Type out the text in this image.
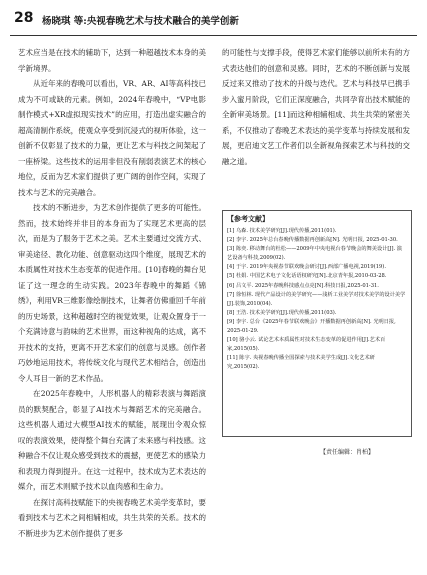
28 杨晓琪 等:央视春晚艺术与技术融合的美学创新

艺术应当是在技术的辅助下，达到一种超越技术本身的美学新境界。

从近年来的春晚可以看出，VR、AR、AI等高科技已成为不可或缺的元素。例如，2024年春晚中，“VP电影制作模式+XR虚拟现实技术”的应用，打造出虚实融合的超高清制作系统，使观众享受到沉浸式的视听体验，这一创新不仅彰显了技术的力量，更让艺术与科技之间架起了一座桥梁。这些技术的运用非但没有削弱表演艺术的核心地位，反而为艺术家们提供了更广阔的创作空间，实现了技术与艺术的完美融合。

技术的不断进步，为艺术创作提供了更多的可能性。然而，技术始终并非目的本身而为了实现艺术更高的层次，而是为了服务于艺术之美。艺术主要通过交流方式、审美途径、教化功能、创意驱动这四个维度，展现艺术的本质属性对技术生态变革的促进作用。[10]春晚的舞台见证了这一理念的生动实践。2023年春晚中的舞蹈《锦绣》，利用VR三维影像绘制技术，让舞者仿佛重回千年前的历史场景，这种超越时空的视觉效果，让观众置身于一个充满诗意与韵味的艺术世界，而这种视角的达成，离不开技术的支持，更离不开艺术家们的创意与灵感。创作者巧妙地运用技术，将传统文化与现代艺术相结合，创造出令人耳目一新的艺术作品。

在2025年春晚中，人形机器人的精彩表演与舞蹈演员的默契配合，彰显了AI技术与舞蹈艺术的完美融合。这些机器人通过大模型AI技术的赋能，展现出令观众惊叹的表演效果，使得整个舞台充满了未来感与科技感。这种融合不仅让观众感受到技术的震撼，更使艺术的感染力和表现力得到提升。在这一过程中，技术成为艺术表达的媒介，而艺术则赋予技术以血肉感和生命力。

在探讨高科技赋能下的央视春晚艺术美学变革时，要看到技术与艺术之间相辅相成，共生共荣的关系。技术的不断进步为艺术创作提供了更多

的可能性与支撑手段，使得艺术家们能够以前所未有的方式表达他们的创意和灵感。同时，艺术的不断创新与发展反过来又推动了技术的升级与迭代。艺术与科技早已携手步入蜜月阶段，它们正深度融合，共同孕育出技术赋能的全新审美场景。[11]而这种相辅相成、共生共荣的紧密关系，不仅推动了春晚艺术表达的美学变革与持续发展和发展，更启迪文艺工作者们以全新视角探索艺术与科技的交融之道。

【参考文献】
[1] 乌森. 技术美学研究[J].现代传播,2011(01).
[2] 李宇. 2025年总台春晚传播数据再创新高[N]. 光明日报, 2025-01-30.
[3] 陈奕. 移动舞台的杜松——2009年中央电视台春节晚会的舞美设计[J]. 演艺设备与科技,2009(02).
[4] 于宇. 2019年央视春节联欢晚会研讨[J].西部广播电视,2019(19).
[5] 杜娟. 中国艺术电子文化话语权研究[N].北京青年报,2010-03-28.
[6] 吕文平. 2025年春晚科技感点点亮[N].科技日报,2025-01-31.
[7] 徐恒林. 现代产品设计的美学研究——浅析工业美学对技术美学的设计美学[J].装饰,2010(04).
[8] 王浩. 技术美学研究[J].现代传播,2011(03).
[9] 李宇. 总台《2025年春节联欢晚会》开播数据再创新高[N]. 光明日报, 2025-01-29.
[10] 骆小云. 试论艺术本质属性对技术生态变革的促进作用[J].艺术百家,2015(05).
[11] 陈宇. 央视春晚传播全国探索与技术美学生成[J].文化艺术研究,2015(02).
【责任编辑：肖柏】
